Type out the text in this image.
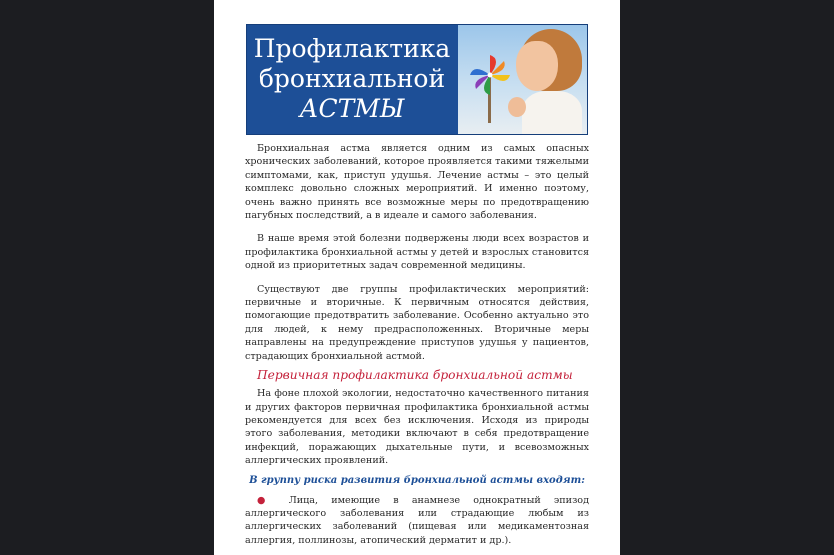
Профилактика
бронхиальной
АСТМЫ

Бронхиальная астма является одним из самых опасных хронических заболеваний, которое проявляется такими тяжелыми симптомами, как, приступ удушья. Лечение астмы – это целый комплекс довольно сложных мероприятий. И именно поэтому, очень важно принять все возможные меры по предотвращению пагубных последствий, а в идеале и самого заболевания.

В наше время этой болезни подвержены люди всех возрастов и профилактика бронхиальной астмы у детей и взрослых становится одной из приоритетных задач современной медицины.

Существуют две группы профилактических мероприятий: первичные и вторичные. К первичным относятся действия, помогающие предотвратить заболевание. Особенно актуально это для людей, к нему предрасположенных. Вторичные меры направлены на предупреждение приступов удушья у пациентов, страдающих бронхиальной астмой.

Первичная профилактика бронхиальной астмы

На фоне плохой экологии, недостаточно качественного питания и других факторов первичная профилактика бронхиальной астмы рекомендуется для всех без исключения. Исходя из природы этого заболевания, методики включают в себя предотвращение инфекций, поражающих дыхательные пути, и всевозможных аллергических проявлений.

В группу риска развития бронхиальной астмы входят:

● Лица, имеющие в анамнезе однократный эпизод аллергического заболевания или страдающие любым из аллергических заболеваний (пищевая или медикаментозная аллергия, поллинозы, атопический дерматит и др.).
